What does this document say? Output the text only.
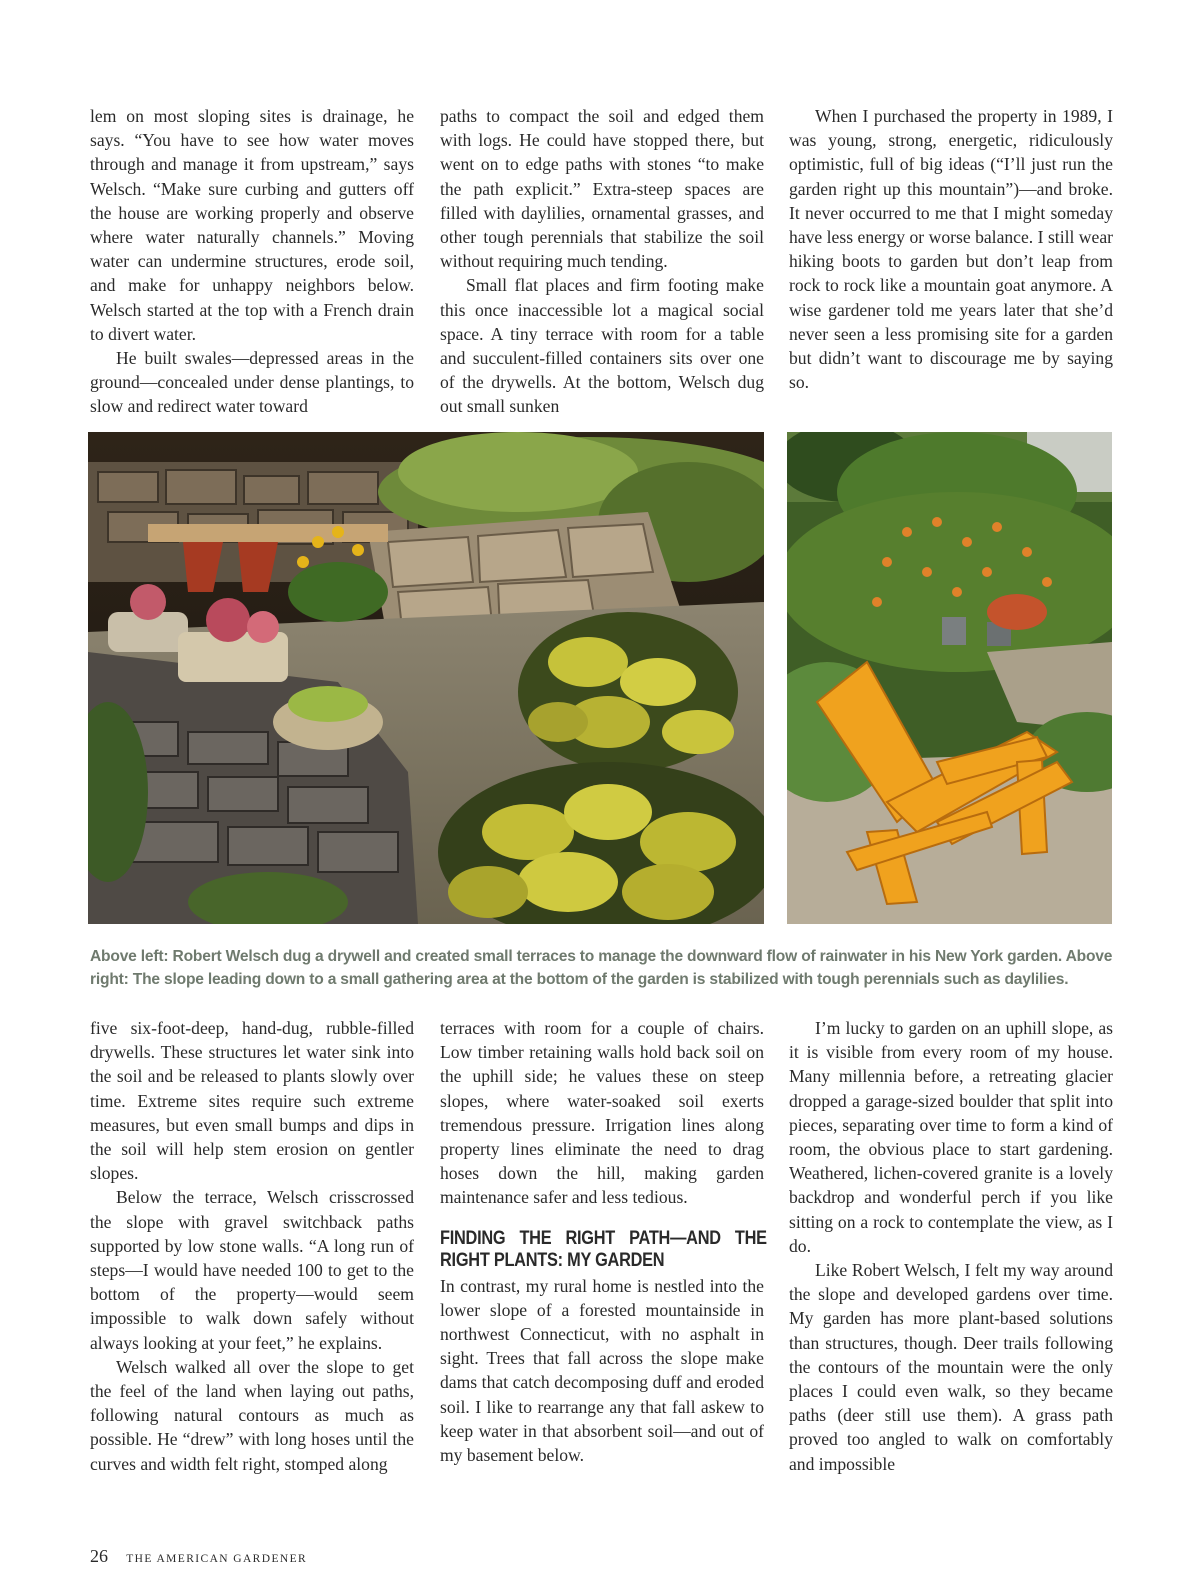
lem on most sloping sites is drainage, he says. “You have to see how water moves through and manage it from upstream,” says Welsch. “Make sure curbing and gutters off the house are working properly and observe where water naturally channels.” Moving water can undermine structures, erode soil, and make for unhappy neighbors below. Welsch started at the top with a French drain to divert water.

He built swales—depressed areas in the ground—concealed under dense plantings, to slow and redirect water toward

paths to compact the soil and edged them with logs. He could have stopped there, but went on to edge paths with stones “to make the path explicit.” Extra-steep spaces are filled with daylilies, ornamental grasses, and other tough perennials that stabilize the soil without requiring much tending.

Small flat places and firm footing make this once inaccessible lot a magical social space. A tiny terrace with room for a table and succulent-filled containers sits over one of the drywells. At the bottom, Welsch dug out small sunken

When I purchased the property in 1989, I was young, strong, energetic, ridiculously optimistic, full of big ideas (“I’ll just run the garden right up this mountain”)—and broke. It never occurred to me that I might someday have less energy or worse balance. I still wear hiking boots to garden but don’t leap from rock to rock like a mountain goat anymore. A wise gardener told me years later that she’d never seen a less promising site for a garden but didn’t want to discourage me by saying so.

Above left: Robert Welsch dug a drywell and created small terraces to manage the downward flow of rainwater in his New York garden. Above right: The slope leading down to a small gathering area at the bottom of the garden is stabilized with tough perennials such as daylilies.

five six-foot-deep, hand-dug, rubble-filled drywells. These structures let water sink into the soil and be released to plants slowly over time. Extreme sites require such extreme measures, but even small bumps and dips in the soil will help stem erosion on gentler slopes.

Below the terrace, Welsch crisscrossed the slope with gravel switchback paths supported by low stone walls. “A long run of steps—I would have needed 100 to get to the bottom of the property—would seem impossible to walk down safely without always looking at your feet,” he explains.

Welsch walked all over the slope to get the feel of the land when laying out paths, following natural contours as much as possible. He “drew” with long hoses until the curves and width felt right, stomped along

terraces with room for a couple of chairs. Low timber retaining walls hold back soil on the uphill side; he values these on steep slopes, where water-soaked soil exerts tremendous pressure. Irrigation lines along property lines eliminate the need to drag hoses down the hill, making garden maintenance safer and less tedious.

FINDING THE RIGHT PATH—AND THE RIGHT PLANTS: MY GARDEN

In contrast, my rural home is nestled into the lower slope of a forested mountainside in northwest Connecticut, with no asphalt in sight. Trees that fall across the slope make dams that catch decomposing duff and eroded soil. I like to rearrange any that fall askew to keep water in that absorbent soil—and out of my basement below.

I’m lucky to garden on an uphill slope, as it is visible from every room of my house. Many millennia before, a retreating glacier dropped a garage-sized boulder that split into pieces, separating over time to form a kind of room, the obvious place to start gardening. Weathered, lichen-covered granite is a lovely backdrop and wonderful perch if you like sitting on a rock to contemplate the view, as I do.

Like Robert Welsch, I felt my way around the slope and developed gardens over time. My garden has more plant-based solutions than structures, though. Deer trails following the contours of the mountain were the only places I could even walk, so they became paths (deer still use them). A grass path proved too angled to walk on comfortably and impossible

26 THE AMERICAN GARDENER
